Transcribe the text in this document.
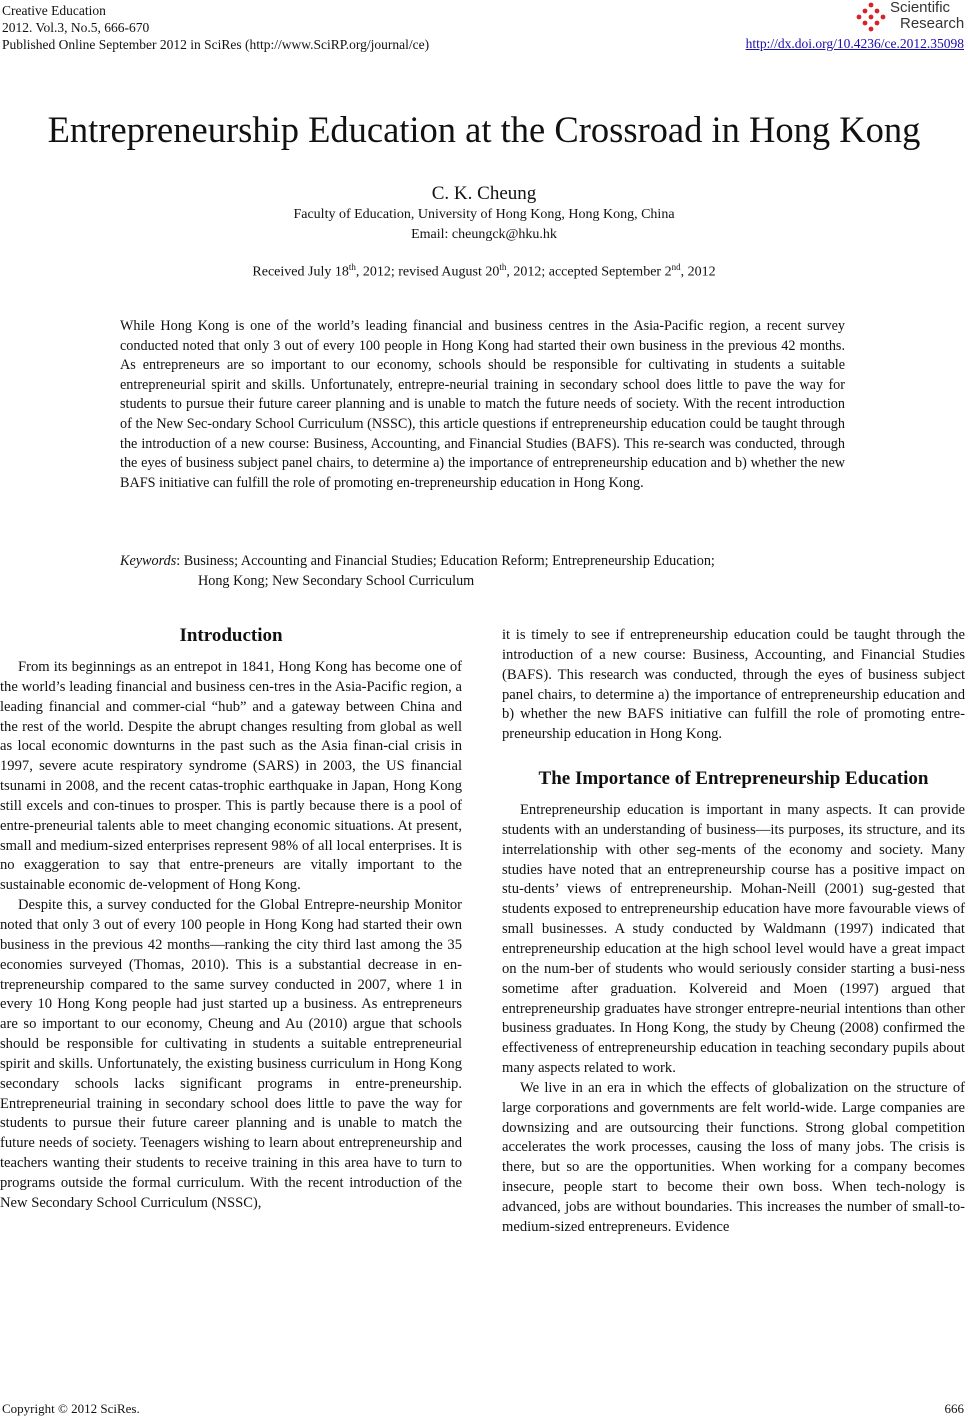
Creative Education
2012. Vol.3, No.5, 666-670
Published Online September 2012 in SciRes (http://www.SciRP.org/journal/ce)
Scientific
Research
http://dx.doi.org/10.4236/ce.2012.35098
Entrepreneurship Education at the Crossroad in Hong Kong
C. K. Cheung
Faculty of Education, University of Hong Kong, Hong Kong, China
Email: cheungck@hku.hk
Received July 18th, 2012; revised August 20th, 2012; accepted September 2nd, 2012
While Hong Kong is one of the world’s leading financial and business centres in the Asia-Pacific region, a recent survey conducted noted that only 3 out of every 100 people in Hong Kong had started their own business in the previous 42 months. As entrepreneurs are so important to our economy, schools should be responsible for cultivating in students a suitable entrepreneurial spirit and skills. Unfortunately, entrepre-neurial training in secondary school does little to pave the way for students to pursue their future career planning and is unable to match the future needs of society. With the recent introduction of the New Sec-ondary School Curriculum (NSSC), this article questions if entrepreneurship education could be taught through the introduction of a new course: Business, Accounting, and Financial Studies (BAFS). This re-search was conducted, through the eyes of business subject panel chairs, to determine a) the importance of entrepreneurship education and b) whether the new BAFS initiative can fulfill the role of promoting en-trepreneurship education in Hong Kong.
Keywords: Business; Accounting and Financial Studies; Education Reform; Entrepreneurship Education;
Hong Kong; New Secondary School Curriculum
Introduction

From its beginnings as an entrepot in 1841, Hong Kong has become one of the world’s leading financial and business cen-tres in the Asia-Pacific region, a leading financial and commer-cial “hub” and a gateway between China and the rest of the world. Despite the abrupt changes resulting from global as well as local economic downturns in the past such as the Asia finan-cial crisis in 1997, severe acute respiratory syndrome (SARS) in 2003, the US financial tsunami in 2008, and the recent catas-trophic earthquake in Japan, Hong Kong still excels and con-tinues to prosper. This is partly because there is a pool of entre-preneurial talents able to meet changing economic situations. At present, small and medium-sized enterprises represent 98% of all local enterprises. It is no exaggeration to say that entre-preneurs are vitally important to the sustainable economic de-velopment of Hong Kong.

Despite this, a survey conducted for the Global Entrepre-neurship Monitor noted that only 3 out of every 100 people in Hong Kong had started their own business in the previous 42 months—ranking the city third last among the 35 economies surveyed (Thomas, 2010). This is a substantial decrease in en-trepreneurship compared to the same survey conducted in 2007, where 1 in every 10 Hong Kong people had just started up a business. As entrepreneurs are so important to our economy, Cheung and Au (2010) argue that schools should be responsible for cultivating in students a suitable entrepreneurial spirit and skills. Unfortunately, the existing business curriculum in Hong Kong secondary schools lacks significant programs in entre-preneurship. Entrepreneurial training in secondary school does little to pave the way for students to pursue their future career planning and is unable to match the future needs of society. Teenagers wishing to learn about entrepreneurship and teachers wanting their students to receive training in this area have to turn to programs outside the formal curriculum. With the recent introduction of the New Secondary School Curriculum (NSSC),

it is timely to see if entrepreneurship education could be taught through the introduction of a new course: Business, Accounting, and Financial Studies (BAFS). This research was conducted, through the eyes of business subject panel chairs, to determine a) the importance of entrepreneurship education and b) whether the new BAFS initiative can fulfill the role of promoting entre-preneurship education in Hong Kong.

The Importance of Entrepreneurship Education

Entrepreneurship education is important in many aspects. It can provide students with an understanding of business—its purposes, its structure, and its interrelationship with other seg-ments of the economy and society. Many studies have noted that an entrepreneurship course has a positive impact on stu-dents’ views of entrepreneurship. Mohan-Neill (2001) sug-gested that students exposed to entrepreneurship education have more favourable views of small businesses. A study conducted by Waldmann (1997) indicated that entrepreneurship education at the high school level would have a great impact on the num-ber of students who would seriously consider starting a busi-ness sometime after graduation. Kolvereid and Moen (1997) argued that entrepreneurship graduates have stronger entrepre-neurial intentions than other business graduates. In Hong Kong, the study by Cheung (2008) confirmed the effectiveness of entrepreneurship education in teaching secondary pupils about many aspects related to work.

We live in an era in which the effects of globalization on the structure of large corporations and governments are felt world-wide. Large companies are downsizing and are outsourcing their functions. Strong global competition accelerates the work processes, causing the loss of many jobs. The crisis is there, but so are the opportunities. When working for a company becomes insecure, people start to become their own boss. When tech-nology is advanced, jobs are without boundaries. This increases the number of small-to-medium-sized entrepreneurs. Evidence

Copyright © 2012 SciRes.	666
